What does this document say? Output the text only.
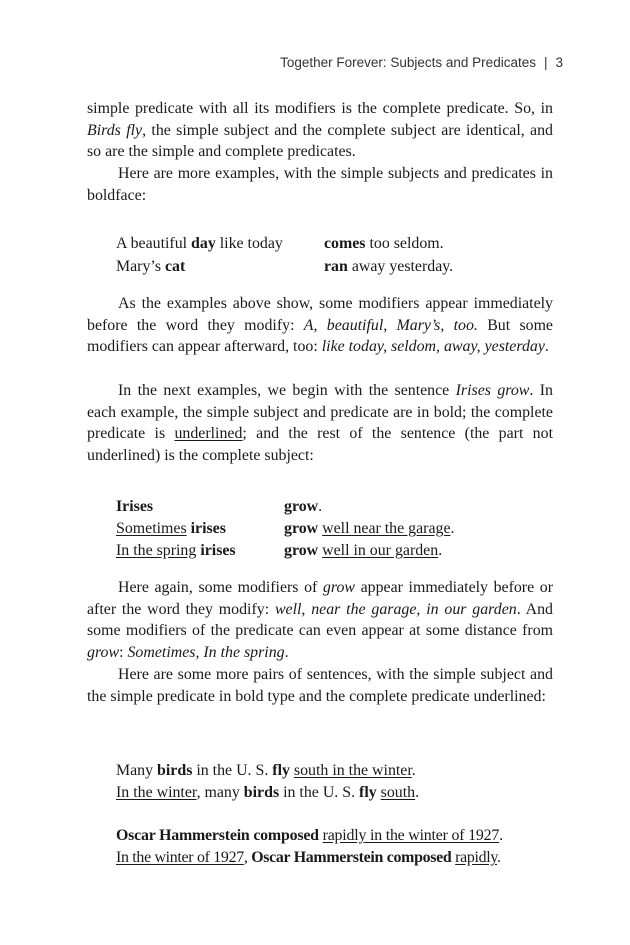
Together Forever: Subjects and Predicates | 3

simple predicate with all its modifiers is the complete predicate. So, in Birds fly, the simple subject and the complete subject are identical, and so are the simple and complete predicates.

Here are more examples, with the simple subjects and predicates in boldface:

A beautiful day like today	comes too seldom.
Mary’s cat	ran away yesterday.

As the examples above show, some modifiers appear immediately before the word they modify: A, beautiful, Mary’s, too. But some modifiers can appear afterward, too: like today, seldom, away, yesterday.

In the next examples, we begin with the sentence Irises grow. In each example, the simple subject and predicate are in bold; the complete predicate is underlined; and the rest of the sentence (the part not underlined) is the complete subject:

Irises	grow.
Sometimes irises	grow well near the garage.
In the spring irises	grow well in our garden.

Here again, some modifiers of grow appear immediately before or after the word they modify: well, near the garage, in our garden. And some modifiers of the predicate can even appear at some distance from grow: Sometimes, In the spring.

Here are some more pairs of sentences, with the simple subject and the simple predicate in bold type and the complete predicate underlined:

Many birds in the U. S. fly south in the winter.
In the winter, many birds in the U. S. fly south.
Oscar Hammerstein composed rapidly in the winter of 1927.
In the winter of 1927, Oscar Hammerstein composed rapidly.
